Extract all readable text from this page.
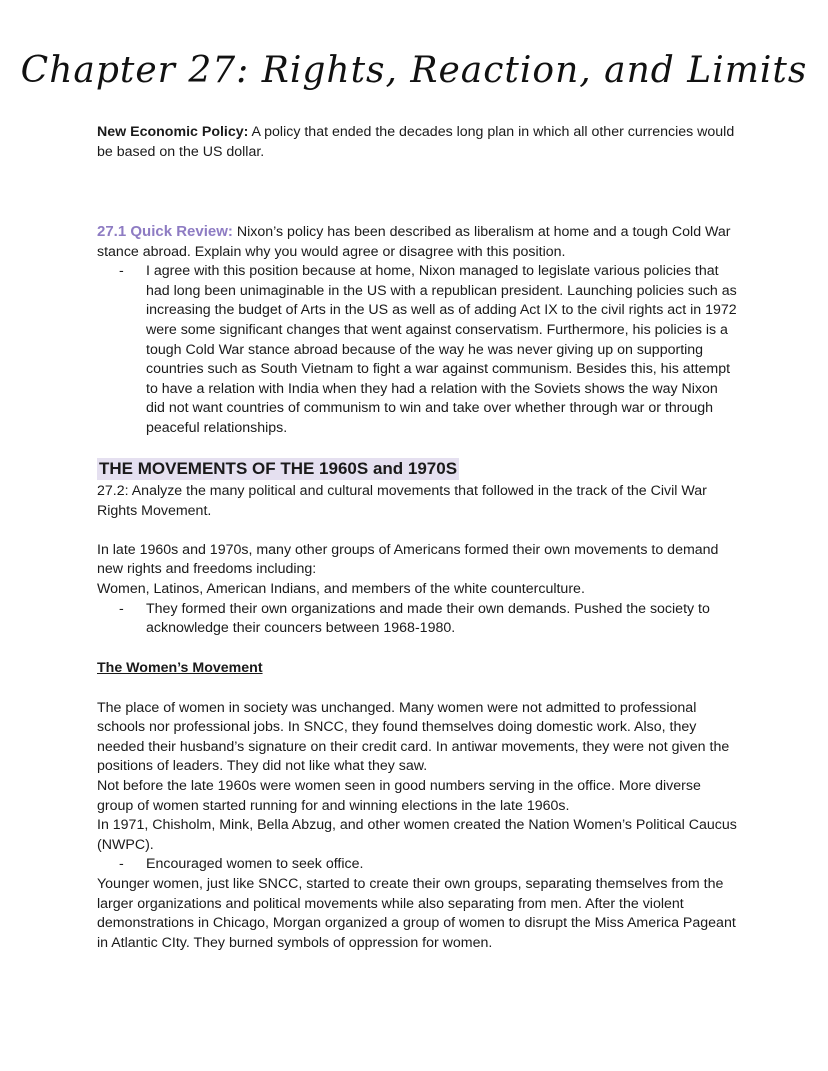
Chapter 27: Rights, Reaction, and Limits
New Economic Policy: A policy that ended the decades long plan in which all other currencies would be based on the US dollar.
27.1 Quick Review: Nixon’s policy has been described as liberalism at home and a tough Cold War stance abroad. Explain why you would agree or disagree with this position.
- I agree with this position because at home, Nixon managed to legislate various policies that had long been unimaginable in the US with a republican president. Launching policies such as increasing the budget of Arts in the US as well as of adding Act IX to the civil rights act in 1972 were some significant changes that went against conservatism. Furthermore, his policies is a tough Cold War stance abroad because of the way he was never giving up on supporting countries such as South Vietnam to fight a war against communism. Besides this, his attempt to have a relation with India when they had a relation with the Soviets shows the way Nixon did not want countries of communism to win and take over whether through war or through peaceful relationships.
THE MOVEMENTS OF THE 1960S and 1970S
27.2: Analyze the many political and cultural movements that followed in the track of the Civil War Rights Movement.
In late 1960s and 1970s, many other groups of Americans formed their own movements to demand new rights and freedoms including:
Women, Latinos, American Indians, and members of the white counterculture.
- They formed their own organizations and made their own demands. Pushed the society to acknowledge their councers between 1968-1980.
The Women’s Movement
The place of women in society was unchanged. Many women were not admitted to professional schools nor professional jobs. In SNCC, they found themselves doing domestic work. Also, they needed their husband’s signature on their credit card. In antiwar movements, they were not given the positions of leaders. They did not like what they saw.
Not before the late 1960s were women seen in good numbers serving in the office. More diverse group of women started running for and winning elections in the late 1960s.
In 1971, Chisholm, Mink, Bella Abzug, and other women created the Nation Women’s Political Caucus (NWPC).
- Encouraged women to seek office.
Younger women, just like SNCC, started to create their own groups, separating themselves from the larger organizations and political movements while also separating from men. After the violent demonstrations in Chicago, Morgan organized a group of women to disrupt the Miss America Pageant in Atlantic CIty. They burned symbols of oppression for women.
